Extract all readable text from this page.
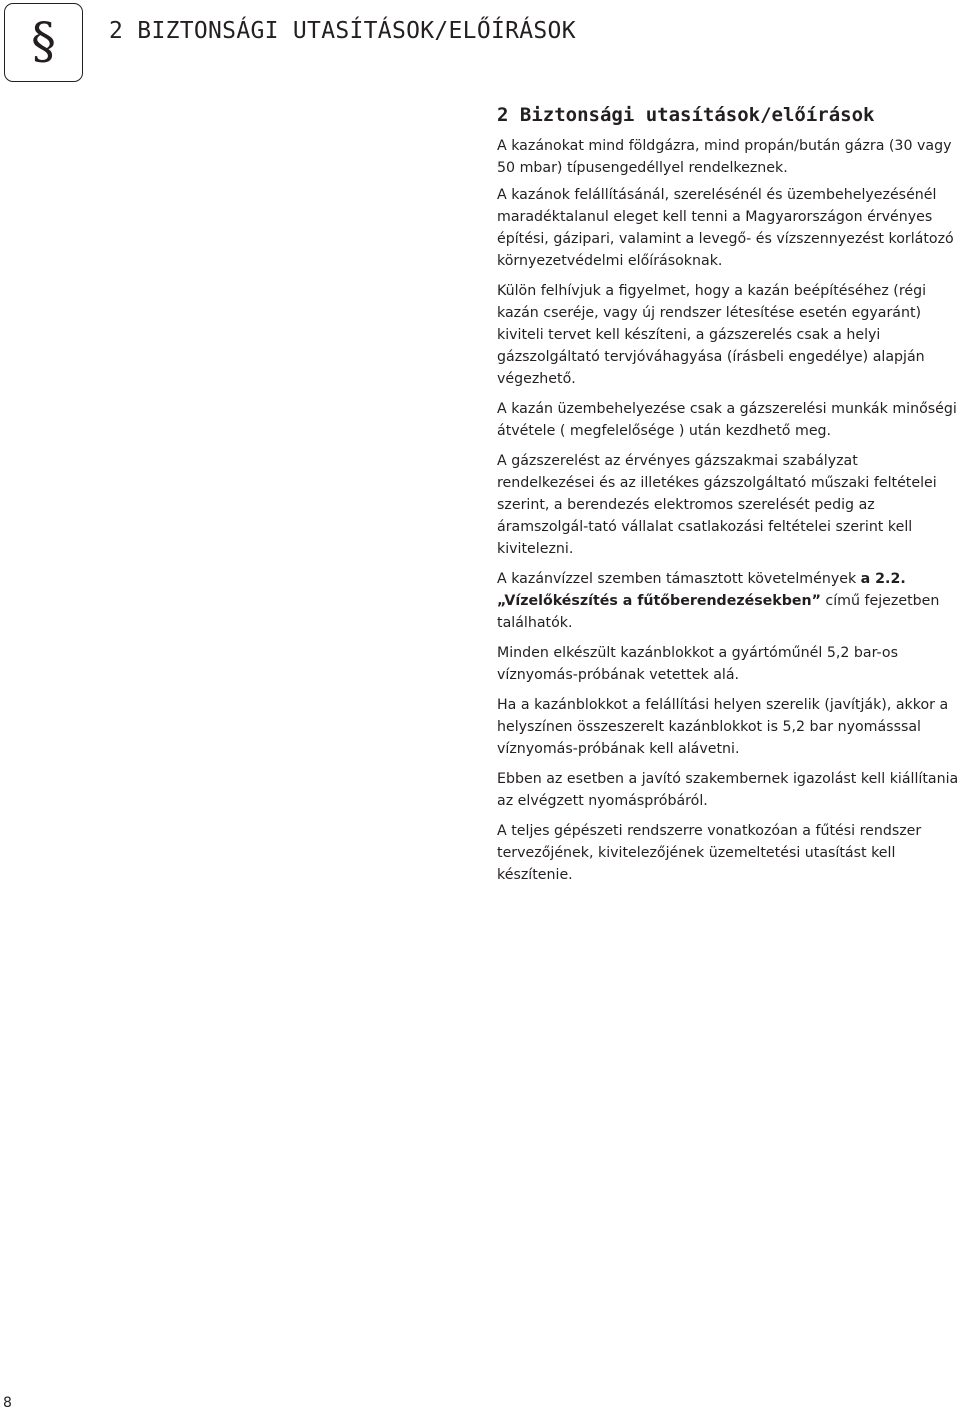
§ 2 BIZTONSÁGI UTASÍTÁSOK/ELŐÍRÁSOK
2 Biztonsági utasítások/előírások

A kazánokat mind földgázra, mind propán/bután gázra (30 vagy 50 mbar) típusengedéllyel rendelkeznek.

A kazánok felállításánál, szerelésénél és üzembehelyezésénél maradéktalanul eleget kell tenni a Magyarországon érvényes építési, gázipari, valamint a levegő- és vízszennyezést korlátozó környezetvédelmi előírásoknak.

Külön felhívjuk a figyelmet, hogy a kazán beépítéséhez (régi kazán cseréje, vagy új rendszer létesítése esetén egyaránt) kiviteli tervet kell készíteni, a gázszerelés csak a helyi gázszolgáltató tervjóváhagyása (írásbeli engedélye) alapján végezhető.

A kazán üzembehelyezése csak a gázszerelési munkák minőségi átvétele ( megfelelősége ) után kezdhető meg.

A gázszerelést az érvényes gázszakmai szabályzat rendelkezései és az illetékes gázszolgáltató műszaki feltételei szerint, a berendezés elektromos szerelését pedig az áramszolgál-tató vállalat csatlakozási feltételei szerint kell kivitelezni.

A kazánvízzel szemben támasztott követelmények a 2.2. „Vízelőkészítés a fűtőberendezésekben” című fejezetben találhatók.

Minden elkészült kazánblokkot a gyártóműnél 5,2 bar-os víznyomás-próbának vetettek alá.

Ha a kazánblokkot a felállítási helyen szerelik (javítják), akkor a helyszínen összeszerelt kazánblokkot is 5,2 bar nyomásssal víznyomás-próbának kell alávetni.

Ebben az esetben a javító szakembernek igazolást kell kiállítania az elvégzett nyomáspróbáról.

A teljes gépészeti rendszerre vonatkozóan a fűtési rendszer tervezőjének, kivitelezőjének üzemeltetési utasítást kell készítenie.

8
